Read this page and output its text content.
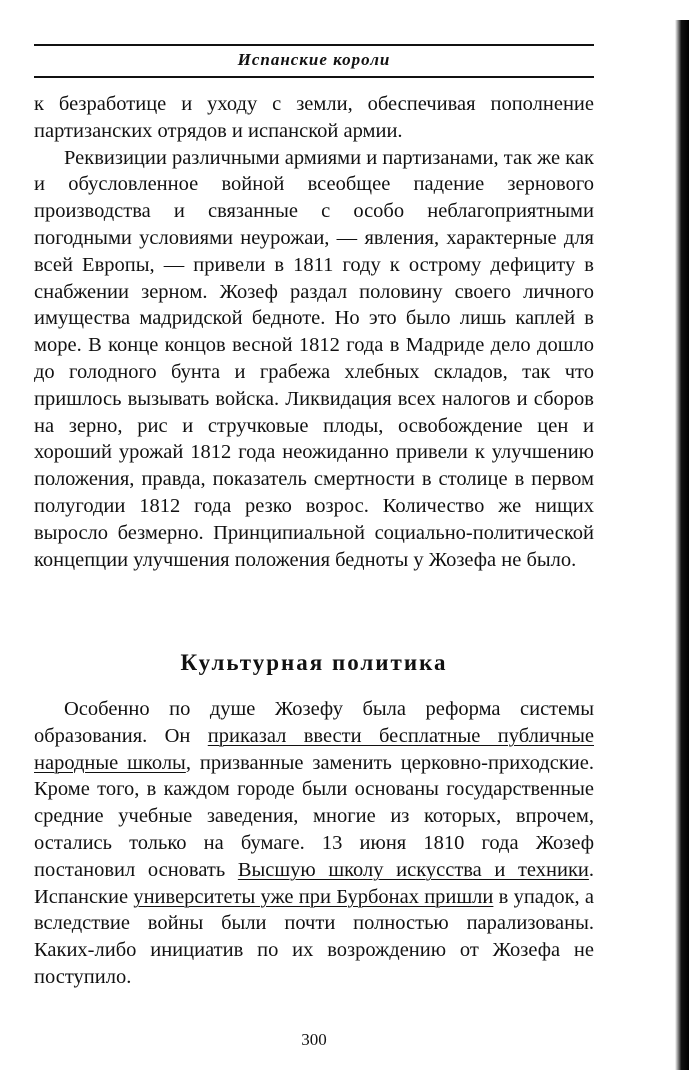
Испанские короли

к безработице и уходу с земли, обеспечивая пополнение партизанских отрядов и испанской армии.

Реквизиции различными армиями и партизанами, так же как и обусловленное войной всеобщее падение зернового производства и связанные с особо неблагоприятными погодными условиями неурожаи, — явления, характерные для всей Европы, — привели в 1811 году к острому дефициту в снабжении зерном. Жозеф раздал половину своего личного имущества мадридской бедноте. Но это было лишь каплей в море. В конце концов весной 1812 года в Мадриде дело дошло до голодного бунта и грабежа хлебных складов, так что пришлось вызывать войска. Ликвидация всех налогов и сборов на зерно, рис и стручковые плоды, освобождение цен и хороший урожай 1812 года неожиданно привели к улучшению положения, правда, показатель смертности в столице в первом полугодии 1812 года резко возрос. Количество же нищих выросло безмерно. Принципиальной социально-политической концепции улучшения положения бедноты у Жозефа не было.

Культурная политика

Особенно по душе Жозефу была реформа системы образования. Он приказал ввести бесплатные публичные народные школы, призванные заменить церковно-приходские. Кроме того, в каждом городе были основаны государственные средние учебные заведения, многие из которых, впрочем, остались только на бумаге. 13 июня 1810 года Жозеф постановил основать Высшую школу искусства и техники. Испанские университеты уже при Бурбонах пришли в упадок, а вследствие войны были почти полностью парализованы. Каких-либо инициатив по их возрождению от Жозефа не поступило.

300
